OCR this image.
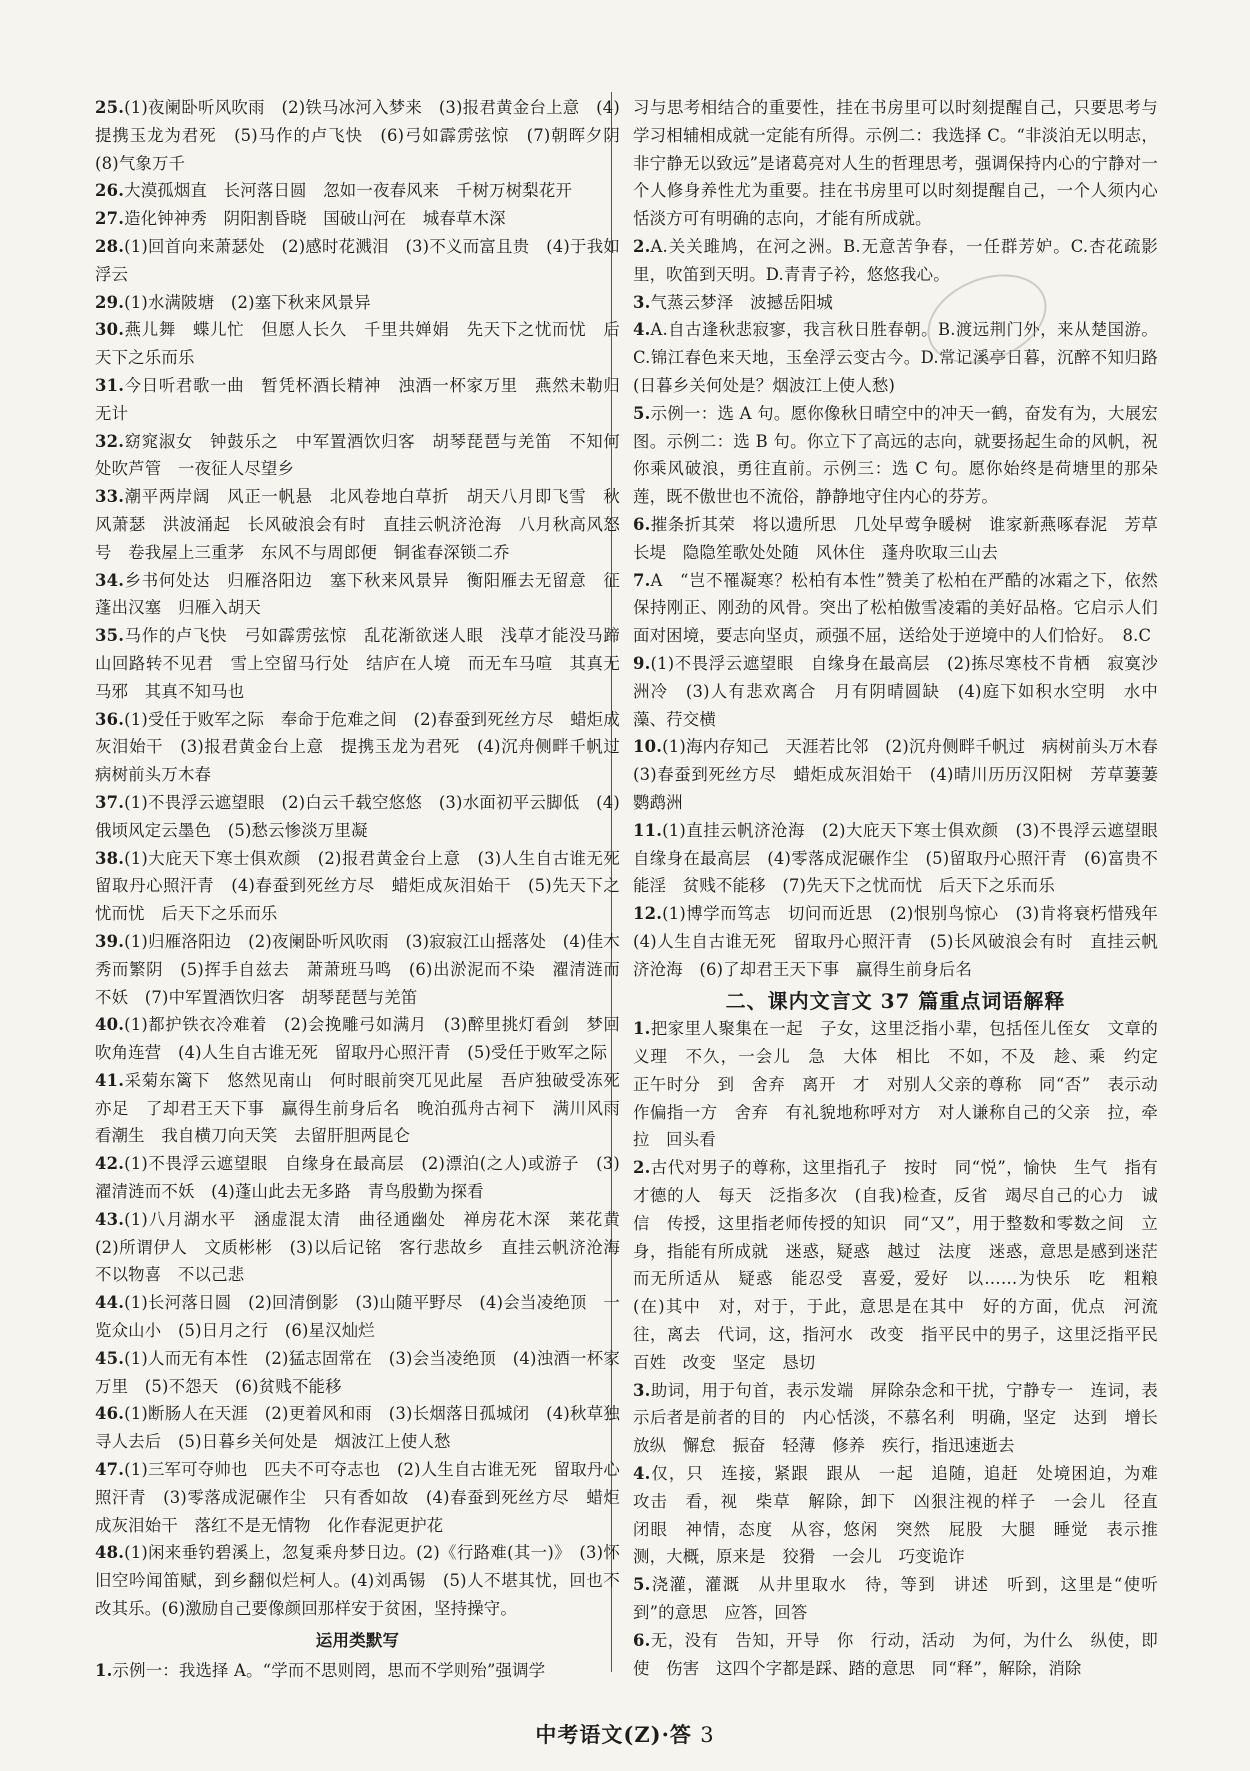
25.(1)夜阑卧听风吹雨　(2)铁马冰河入梦来　(3)报君黄金台上意　(4)提携玉龙为君死　(5)马作的卢飞快　(6)弓如霹雳弦惊　(7)朝晖夕阴　(8)气象万千

26.大漠孤烟直　长河落日圆　忽如一夜春风来　千树万树梨花开

27.造化钟神秀　阴阳割昏晓　国破山河在　城春草木深

28.(1)回首向来萧瑟处　(2)感时花溅泪　(3)不义而富且贵　(4)于我如浮云

29.(1)水满陂塘　(2)塞下秋来风景异

30.燕儿舞　蝶儿忙　但愿人长久　千里共婵娟　先天下之忧而忧　后天下之乐而乐

31.今日听君歌一曲　暂凭杯酒长精神　浊酒一杯家万里　燕然未勒归无计

32.窈窕淑女　钟鼓乐之　中军置酒饮归客　胡琴琵琶与羌笛　不知何处吹芦管　一夜征人尽望乡

33.潮平两岸阔　风正一帆悬　北风卷地白草折　胡天八月即飞雪　秋风萧瑟　洪波涌起　长风破浪会有时　直挂云帆济沧海　八月秋高风怒号　卷我屋上三重茅　东风不与周郎便　铜雀春深锁二乔

34.乡书何处达　归雁洛阳边　塞下秋来风景异　衡阳雁去无留意　征蓬出汉塞　归雁入胡天

35.马作的卢飞快　弓如霹雳弦惊　乱花渐欲迷人眼　浅草才能没马蹄　山回路转不见君　雪上空留马行处　结庐在人境　而无车马喧　其真无马邪　其真不知马也

36.(1)受任于败军之际　奉命于危难之间　(2)春蚕到死丝方尽　蜡炬成灰泪始干　(3)报君黄金台上意　提携玉龙为君死　(4)沉舟侧畔千帆过　病树前头万木春

37.(1)不畏浮云遮望眼　(2)白云千载空悠悠　(3)水面初平云脚低　(4)俄顷风定云墨色　(5)愁云惨淡万里凝

38.(1)大庇天下寒士俱欢颜　(2)报君黄金台上意　(3)人生自古谁无死　留取丹心照汗青　(4)春蚕到死丝方尽　蜡炬成灰泪始干　(5)先天下之忧而忧　后天下之乐而乐

39.(1)归雁洛阳边　(2)夜阑卧听风吹雨　(3)寂寂江山摇落处　(4)佳木秀而繁阴　(5)挥手自兹去　萧萧班马鸣　(6)出淤泥而不染　濯清涟而不妖　(7)中军置酒饮归客　胡琴琵琶与羌笛

40.(1)都护铁衣冷难着　(2)会挽雕弓如满月　(3)醉里挑灯看剑　梦回吹角连营　(4)人生自古谁无死　留取丹心照汗青　(5)受任于败军之际

41.采菊东篱下　悠然见南山　何时眼前突兀见此屋　吾庐独破受冻死亦足　了却君王天下事　赢得生前身后名　晚泊孤舟古祠下　满川风雨看潮生　我自横刀向天笑　去留肝胆两昆仑

42.(1)不畏浮云遮望眼　自缘身在最高层　(2)漂泊(之人)或游子　(3)濯清涟而不妖　(4)蓬山此去无多路　青鸟殷勤为探看

43.(1)八月湖水平　涵虚混太清　曲径通幽处　禅房花木深　莱花黄　(2)所谓伊人　文质彬彬　(3)以后记铭　客行悲故乡　直挂云帆济沧海　不以物喜　不以己悲

44.(1)长河落日圆　(2)回清倒影　(3)山随平野尽　(4)会当凌绝顶　一览众山小　(5)日月之行　(6)星汉灿烂

45.(1)人而无有本性　(2)猛志固常在　(3)会当凌绝顶　(4)浊酒一杯家万里　(5)不怨天　(6)贫贱不能移

46.(1)断肠人在天涯　(2)更着风和雨　(3)长烟落日孤城闭　(4)秋草独寻人去后　(5)日暮乡关何处是　烟波江上使人愁

47.(1)三军可夺帅也　匹夫不可夺志也　(2)人生自古谁无死　留取丹心照汗青　(3)零落成泥碾作尘　只有香如故　(4)春蚕到死丝方尽　蜡炬成灰泪始干　落红不是无情物　化作春泥更护花

48.(1)闲来垂钓碧溪上，忽复乘舟梦日边。(2)《行路难(其一)》　(3)怀旧空吟闻笛赋，到乡翻似烂柯人。(4)刘禹锡　(5)人不堪其忧，回也不改其乐。(6)激励自己要像颜回那样安于贫困，坚持操守。

运用类默写

1.示例一：我选择 A。“学而不思则罔，思而不学则殆”强调学

习与思考相结合的重要性，挂在书房里可以时刻提醒自己，只要思考与学习相辅相成就一定能有所得。示例二：我选择 C。“非淡泊无以明志，非宁静无以致远”是诸葛亮对人生的哲理思考，强调保持内心的宁静对一个人修身养性尤为重要。挂在书房里可以时刻提醒自己，一个人须内心恬淡方可有明确的志向，才能有所成就。

2.A.关关雎鸠，在河之洲。B.无意苦争春，一任群芳妒。C.杏花疏影里，吹笛到天明。D.青青子衿，悠悠我心。

3.气蒸云梦泽　波撼岳阳城

4.A.自古逢秋悲寂寥，我言秋日胜春朝。B.渡远荆门外，来从楚国游。C.锦江春色来天地，玉垒浮云变古今。D.常记溪亭日暮，沉醉不知归路(日暮乡关何处是？烟波江上使人愁)

5.示例一：选 A 句。愿你像秋日晴空中的冲天一鹤，奋发有为，大展宏图。示例二：选 B 句。你立下了高远的志向，就要扬起生命的风帆，祝你乘风破浪，勇往直前。示例三：选 C 句。愿你始终是荷塘里的那朵莲，既不傲世也不流俗，静静地守住内心的芬芳。

6.摧条折其荣　将以遗所思　几处早莺争暖树　谁家新燕啄春泥　芳草长堤　隐隐笙歌处处随　风休住　蓬舟吹取三山去

7.A　“岂不罹凝寒？松柏有本性”赞美了松柏在严酷的冰霜之下，依然保持刚正、刚劲的风骨。突出了松柏傲雪凌霜的美好品格。它启示人们面对困境，要志向坚贞，顽强不屈，送给处于逆境中的人们恰好。　8.C

9.(1)不畏浮云遮望眼　自缘身在最高层　(2)拣尽寒枝不肯栖　寂寞沙洲冷　(3)人有悲欢离合　月有阴晴圆缺　(4)庭下如积水空明　水中藻、荇交横

10.(1)海内存知己　天涯若比邻　(2)沉舟侧畔千帆过　病树前头万木春　(3)春蚕到死丝方尽　蜡炬成灰泪始干　(4)晴川历历汉阳树　芳草萋萋鹦鹉洲

11.(1)直挂云帆济沧海　(2)大庇天下寒士俱欢颜　(3)不畏浮云遮望眼　自缘身在最高层　(4)零落成泥碾作尘　(5)留取丹心照汗青　(6)富贵不能淫　贫贱不能移　(7)先天下之忧而忧　后天下之乐而乐

12.(1)博学而笃志　切问而近思　(2)恨别鸟惊心　(3)肯将衰朽惜残年　(4)人生自古谁无死　留取丹心照汗青　(5)长风破浪会有时　直挂云帆济沧海　(6)了却君王天下事　赢得生前身后名

二、课内文言文 37 篇重点词语解释

1.把家里人聚集在一起　子女，这里泛指小辈，包括侄儿侄女　文章的义理　不久，一会儿　急　大体　相比　不如，不及　趁、乘　约定　正午时分　到　舍弃　离开　才　对别人父亲的尊称　同“否”　表示动作偏指一方　舍弃　有礼貌地称呼对方　对人谦称自己的父亲　拉，牵拉　回头看

2.古代对男子的尊称，这里指孔子　按时　同“悦”，愉快　生气　指有才德的人　每天　泛指多次　(自我)检查，反省　竭尽自己的心力　诚信　传授，这里指老师传授的知识　同“又”，用于整数和零数之间　立身，指能有所成就　迷惑，疑惑　越过　法度　迷惑，意思是感到迷茫而无所适从　疑惑　能忍受　喜爱，爱好　以……为快乐　吃　粗粮　(在)其中　对，对于，于此，意思是在其中　好的方面，优点　河流　往，离去　代词，这，指河水　改变　指平民中的男子，这里泛指平民百姓　改变　坚定　恳切

3.助词，用于句首，表示发端　屏除杂念和干扰，宁静专一　连词，表示后者是前者的目的　内心恬淡，不慕名利　明确，坚定　达到　增长　放纵　懈怠　振奋　轻薄　修养　疾行，指迅速逝去

4.仅，只　连接，紧跟　跟从　一起　追随，追赶　处境困迫，为难　攻击　看，视　柴草　解除，卸下　凶狠注视的样子　一会儿　径直　闭眼　神情，态度　从容，悠闲　突然　屁股　大腿　睡觉　表示推测，大概，原来是　狡猾　一会儿　巧变诡诈

5.浇灌，灌溉　从井里取水　待，等到　讲述　听到，这里是“使听到”的意思　应答，回答

6.无，没有　告知，开导　你　行动，活动　为何，为什么　纵使，即使　伤害　这四个字都是踩、踏的意思　同“释”，解除，消除

中考语文(Z)·答 3
